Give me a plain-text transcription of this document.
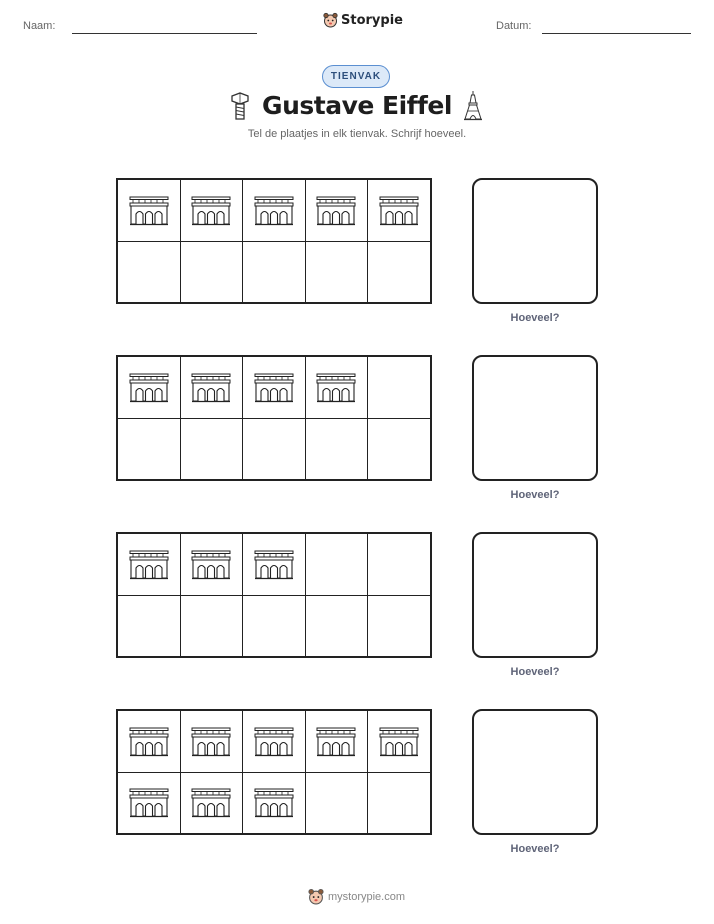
Naam:	Storypie	Datum:
TIENVAK
Gustave Eiffel
Tel de plaatjes in elk tienvak. Schrijf hoeveel.
Hoeveel?
Hoeveel?
Hoeveel?
Hoeveel?
mystorypie.com
